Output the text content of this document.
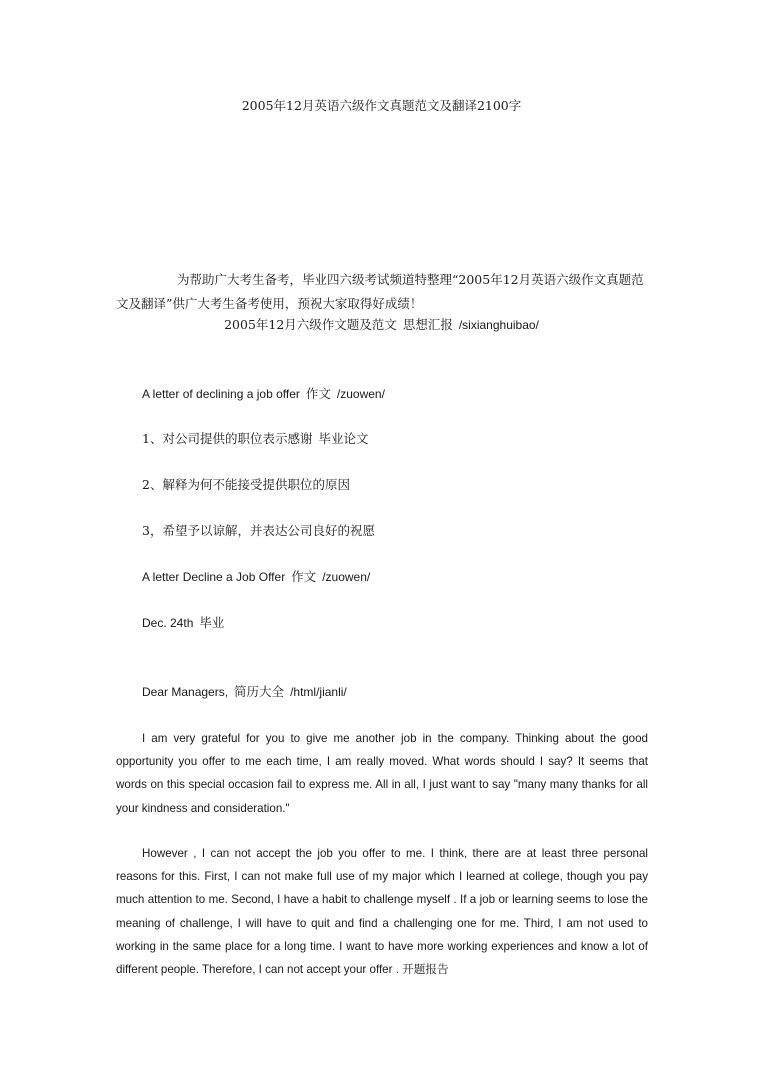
2005年12月英语六级作文真题范文及翻译2100字
为帮助广大考生备考，毕业四六级考试频道特整理“2005年12月英语六级作文真题范文及翻译”供广大考生备考使用，预祝大家取得好成绩！
2005年12月六级作文题及范文 思想汇报 /sixianghuibao/
A letter of declining a job offer 作文 /zuowen/
1、对公司提供的职位表示感谢 毕业论文
2、解释为何不能接受提供职位的原因
3，希望予以谅解，并表达公司良好的祝愿
A letter Decline a Job Offer 作文 /zuowen/
Dec. 24th 毕业
Dear Managers, 简历大全 /html/jianli/
I am very grateful for you to give me another job in the company. Thinking about the good opportunity you offer to me each time, I am really moved. What words should I say? It seems that words on this special occasion fail to express me. All in all, I just want to say "many many thanks for all your kindness and consideration."
However , I can not accept the job you offer to me. I think, there are at least three personal reasons for this. First, I can not make full use of my major which I learned at college, though you pay much attention to me. Second, I have a habit to challenge myself . If a job or learning seems to lose the meaning of challenge, I will have to quit and find a challenging one for me. Third, I am not used to working in the same place for a long time. I want to have more working experiences and know a lot of different people. Therefore, I can not accept your offer . 开题报告
